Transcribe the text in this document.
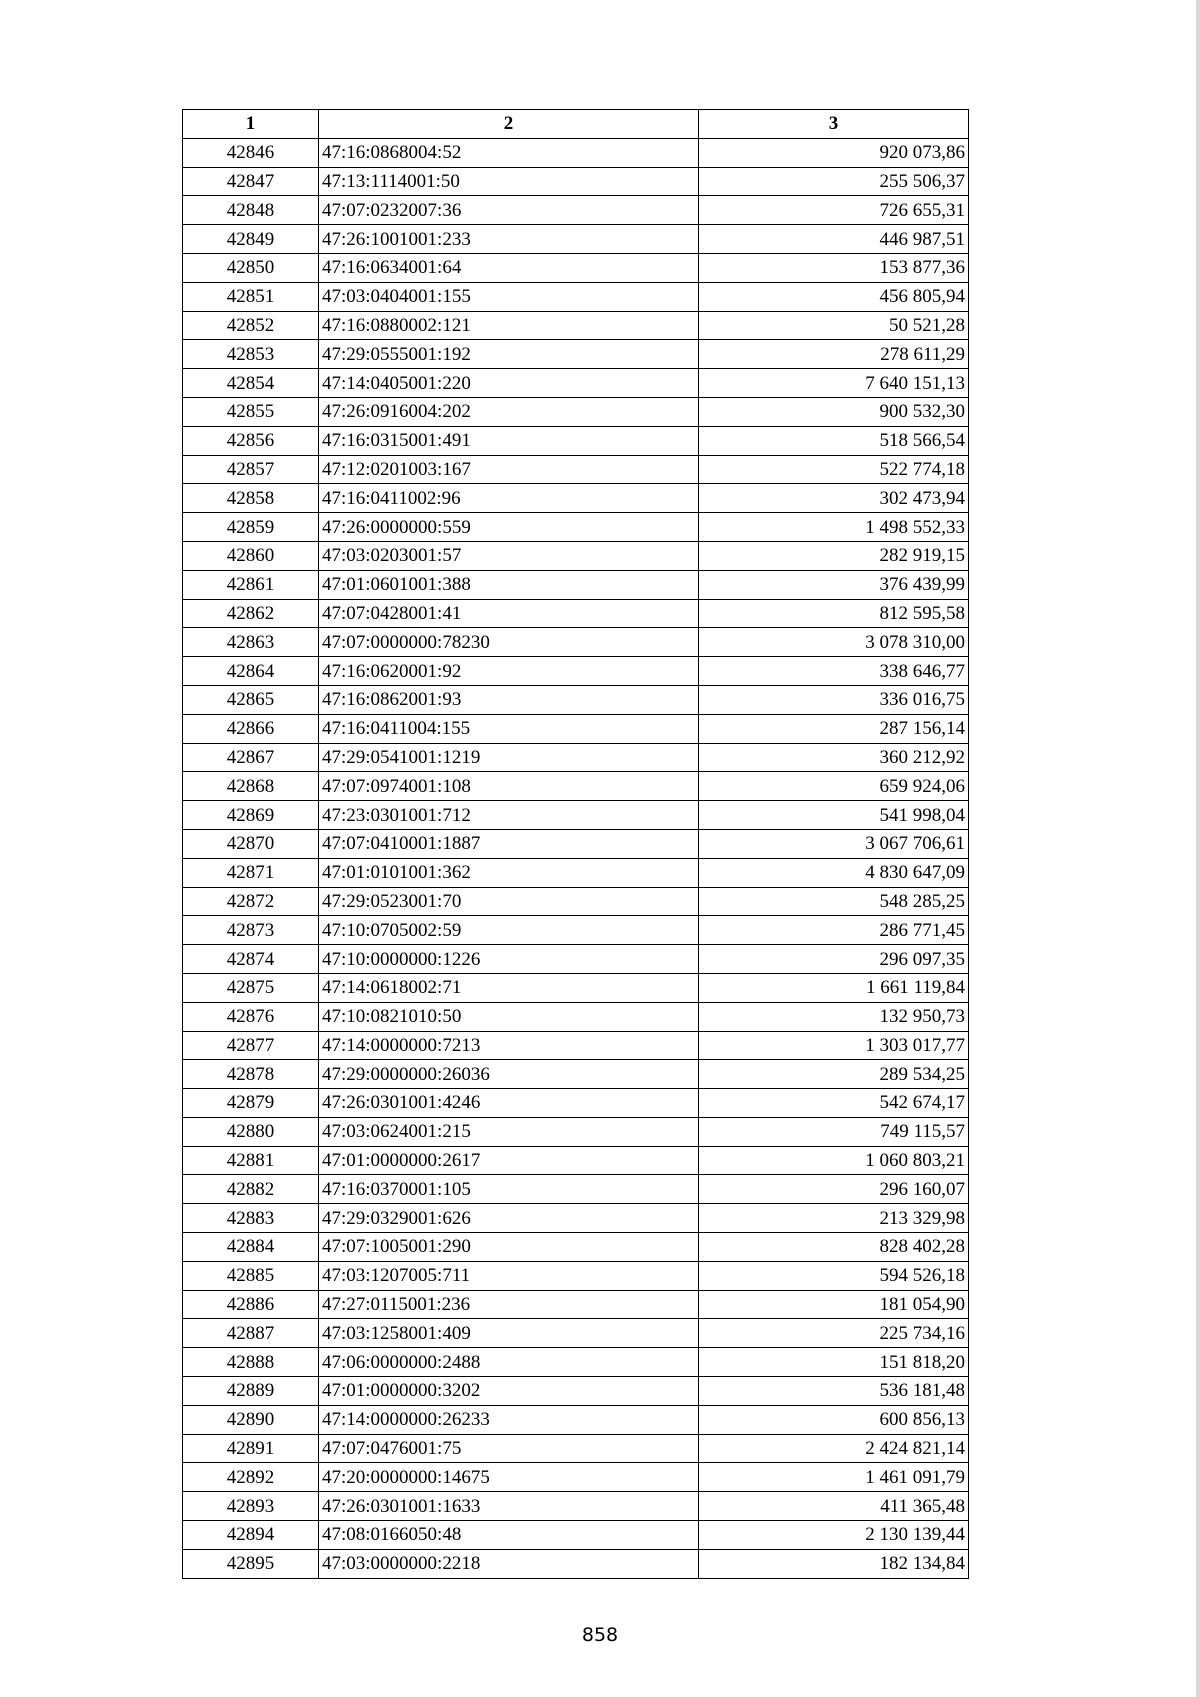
1	2	3
42846	47:16:0868004:52	920 073,86
42847	47:13:1114001:50	255 506,37
42848	47:07:0232007:36	726 655,31
42849	47:26:1001001:233	446 987,51
42850	47:16:0634001:64	153 877,36
42851	47:03:0404001:155	456 805,94
42852	47:16:0880002:121	50 521,28
42853	47:29:0555001:192	278 611,29
42854	47:14:0405001:220	7 640 151,13
42855	47:26:0916004:202	900 532,30
42856	47:16:0315001:491	518 566,54
42857	47:12:0201003:167	522 774,18
42858	47:16:0411002:96	302 473,94
42859	47:26:0000000:559	1 498 552,33
42860	47:03:0203001:57	282 919,15
42861	47:01:0601001:388	376 439,99
42862	47:07:0428001:41	812 595,58
42863	47:07:0000000:78230	3 078 310,00
42864	47:16:0620001:92	338 646,77
42865	47:16:0862001:93	336 016,75
42866	47:16:0411004:155	287 156,14
42867	47:29:0541001:1219	360 212,92
42868	47:07:0974001:108	659 924,06
42869	47:23:0301001:712	541 998,04
42870	47:07:0410001:1887	3 067 706,61
42871	47:01:0101001:362	4 830 647,09
42872	47:29:0523001:70	548 285,25
42873	47:10:0705002:59	286 771,45
42874	47:10:0000000:1226	296 097,35
42875	47:14:0618002:71	1 661 119,84
42876	47:10:0821010:50	132 950,73
42877	47:14:0000000:7213	1 303 017,77
42878	47:29:0000000:26036	289 534,25
42879	47:26:0301001:4246	542 674,17
42880	47:03:0624001:215	749 115,57
42881	47:01:0000000:2617	1 060 803,21
42882	47:16:0370001:105	296 160,07
42883	47:29:0329001:626	213 329,98
42884	47:07:1005001:290	828 402,28
42885	47:03:1207005:711	594 526,18
42886	47:27:0115001:236	181 054,90
42887	47:03:1258001:409	225 734,16
42888	47:06:0000000:2488	151 818,20
42889	47:01:0000000:3202	536 181,48
42890	47:14:0000000:26233	600 856,13
42891	47:07:0476001:75	2 424 821,14
42892	47:20:0000000:14675	1 461 091,79
42893	47:26:0301001:1633	411 365,48
42894	47:08:0166050:48	2 130 139,44
42895	47:03:0000000:2218	182 134,84
858
